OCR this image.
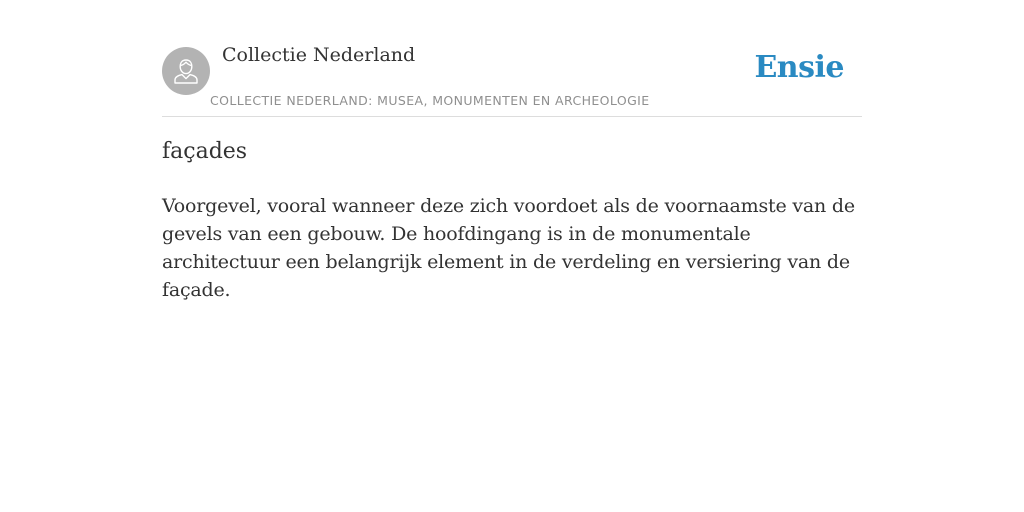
Collectie Nederland
COLLECTIE NEDERLAND: MUSEA, MONUMENTEN EN ARCHEOLOGIE
Ensie
façades

Voorgevel, vooral wanneer deze zich voordoet als de voornaamste van de gevels van een gebouw. De hoofdingang is in de monumentale architectuur een belangrijk element in de verdeling en versiering van de façade.
